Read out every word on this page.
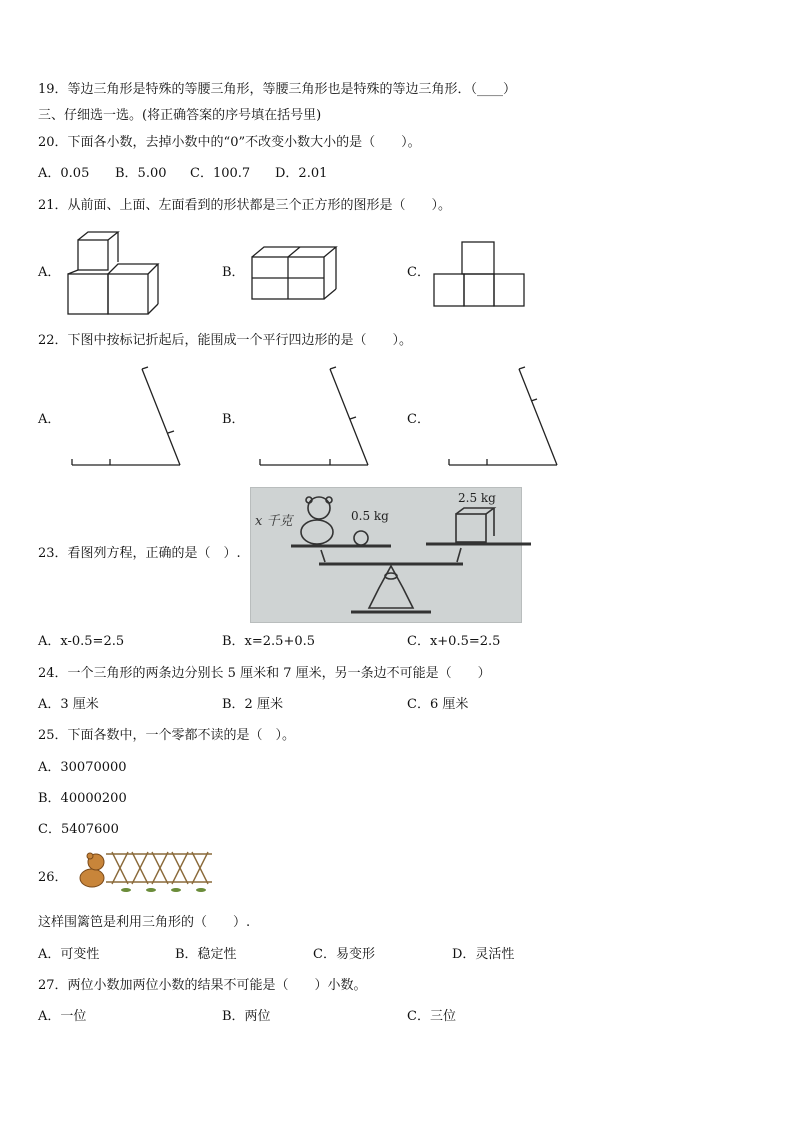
19．等边三角形是特殊的等腰三角形，等腰三角形也是特殊的等边三角形．（____）
三、仔细选一选。(将正确答案的序号填在括号里)
20．下面各小数，去掉小数中的“0”不改变小数大小的是（　　）。
A．0.05 B．5.00 C．100.7 D．2.01
21．从前面、上面、左面看到的形状都是三个正方形的图形是（　　）。
A．	B．	C．
22．下图中按标记折起后，能围成一个平行四边形的是（　　）。
A．	B．	C．
23．看图列方程，正确的是（　）.
x 千克	0.5 kg
2.5 kg
A．x-0.5=2.5	B．x=2.5+0.5	C．x+0.5=2.5
24．一个三角形的两条边分别长 5 厘米和 7 厘米，另一条边不可能是（　　）
A．3 厘米	B．2 厘米	C．6 厘米
25．下面各数中，一个零都不读的是（　）。
A．30070000
B．40000200
C．5407600
26．
这样围篱笆是利用三角形的（　　）.
A．可变性	B．稳定性	C．易变形	D．灵活性
27．两位小数加两位小数的结果不可能是（　　）小数。
A．一位	B．两位	C．三位
